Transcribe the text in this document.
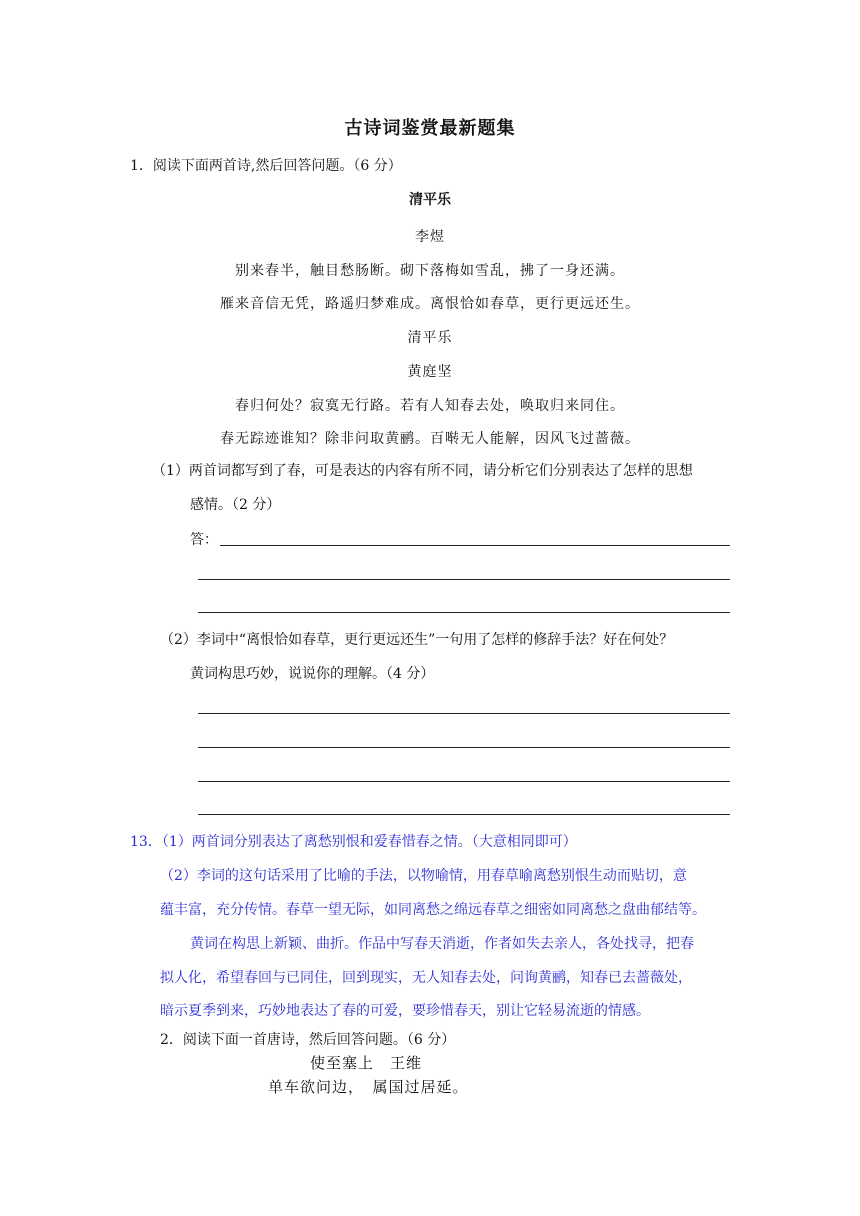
古诗词鉴赏最新题集
1．阅读下面两首诗,然后回答问题。（6 分）
清平乐
李煜
别来春半，触目愁肠断。砌下落梅如雪乱，拂了一身还满。
雁来音信无凭，路遥归梦难成。离恨恰如春草，更行更远还生。
清平乐
黄庭坚
春归何处？寂寞无行路。若有人知春去处，唤取归来同住。
春无踪迹谁知？除非问取黄鹂。百啭无人能解，因风飞过蔷薇。
（1）两首词都写到了春，可是表达的内容有所不同，请分析它们分别表达了怎样的思想
感情。（2 分）
答：
（2）李词中“离恨恰如春草，更行更远还生”一句用了怎样的修辞手法？好在何处？
黄词构思巧妙，说说你的理解。（4 分）
13．（1）两首词分别表达了离愁别恨和爱春惜春之情。（大意相同即可）
（2）李词的这句话采用了比喻的手法，以物喻情，用春草喻离愁别恨生动而贴切，意
蕴丰富，充分传情。春草一望无际，如同离愁之绵远春草之细密如同离愁之盘曲郁结等。
黄词在构思上新颖、曲折。作品中写春天消逝，作者如失去亲人，各处找寻，把春
拟人化，希望春回与已同住，回到现实，无人知春去处，问询黄鹂，知春已去蔷薇处，
暗示夏季到来，巧妙地表达了春的可爱，要珍惜春天，别让它轻易流逝的情感。
2．阅读下面一首唐诗，然后回答问题。（6 分）
使至塞上　王维
单车欲问边，　属国过居延。
